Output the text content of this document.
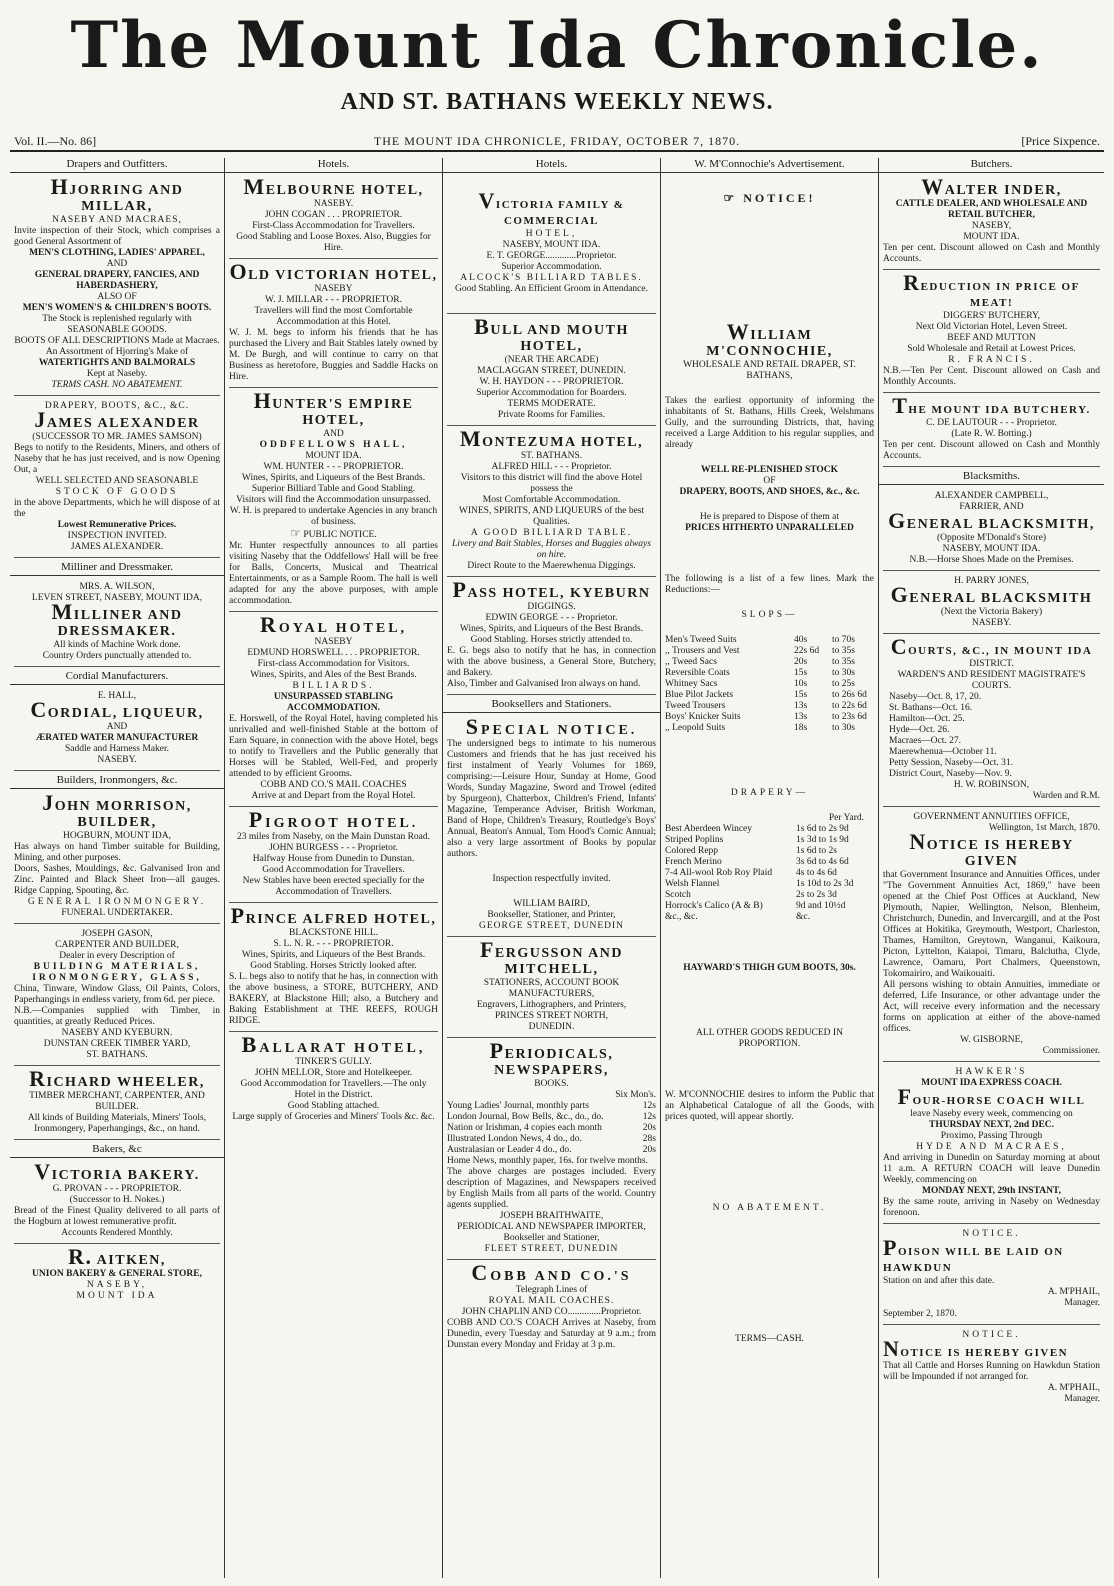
The Mount Ida Chronicle.
AND ST. BATHANS WEEKLY NEWS.
Vol. II.—No. 86]	THE MOUNT IDA CHRONICLE, FRIDAY, OCTOBER 7, 1870.	[Price Sixpence.
Drapers and Outfitters.
HJORRING AND MILLAR,
NASEBY AND MACRAES,
Invite inspection of their Stock, which comprises a good General Assortment of
MEN'S CLOTHING, LADIES' APPAREL,
AND
GENERAL DRAPERY, FANCIES, AND HABERDASHERY,
ALSO OF
MEN'S WOMEN'S & CHILDREN'S BOOTS.
The Stock is replenished regularly with SEASONABLE GOODS.
BOOTS OF ALL DESCRIPTIONS Made at Macraes.
An Assortment of Hjorring's Make of
WATERTIGHTS AND BALMORALS
Kept at Naseby.
TERMS CASH. NO ABATEMENT.
DRAPERY, BOOTS, &C., &C.
JAMES ALEXANDER
(SUCCESSOR TO MR. JAMES SAMSON)
Begs to notify to the Residents, Miners, and others of Naseby that he has just received, and is now Opening Out, a
WELL SELECTED AND SEASONABLE
STOCK OF GOODS
in the above Departments, which he will dispose of at the
Lowest Remunerative Prices.
INSPECTION INVITED.
JAMES ALEXANDER.
Milliner and Dressmaker.
MRS. A. WILSON,
LEVEN STREET, NASEBY, MOUNT IDA,
MILLINER AND DRESSMAKER.
All kinds of Machine Work done.
Country Orders punctually attended to.
Cordial Manufacturers.
E. HALL,
CORDIAL, LIQUEUR,
AND
ÆRATED WATER MANUFACTURER
Saddle and Harness Maker.
NASEBY.
Builders, Ironmongers, &c.
JOHN MORRISON, BUILDER,
HOGBURN, MOUNT IDA,
Has always on hand Timber suitable for Building, Mining, and other purposes.
Doors, Sashes, Mouldings, &c. Galvanised Iron and Zinc. Painted and Black Sheet Iron—all gauges. Ridge Capping, Spouting, &c.
GENERAL IRONMONGERY.
FUNERAL UNDERTAKER.
JOSEPH GASON,
CARPENTER AND BUILDER,
Dealer in every Description of
BUILDING MATERIALS,
IRONMONGERY, GLASS,
China, Tinware, Window Glass, Oil Paints, Colors, Paperhangings in endless variety, from 6d. per piece.
N.B.—Companies supplied with Timber, in quantities, at greatly Reduced Prices.
NASEBY AND KYEBURN.
DUNSTAN CREEK TIMBER YARD,
ST. BATHANS.
RICHARD WHEELER,
TIMBER MERCHANT, CARPENTER, AND BUILDER.
All kinds of Building Materials, Miners' Tools, Ironmongery, Paperhangings, &c., on hand.
Bakers, &c
VICTORIA BAKERY.
G. PROVAN - - - PROPRIETOR.
(Successor to H. Nokes.)
Bread of the Finest Quality delivered to all parts of the Hogburn at lowest remunerative profit.
Accounts Rendered Monthly.
R. AITKEN,
UNION BAKERY & GENERAL STORE,
NASEBY,
MOUNT IDA
Hotels.
MELBOURNE HOTEL,
NASEBY.
JOHN COGAN . . . PROPRIETOR.
First-Class Accommodation for Travellers.
Good Stabling and Loose Boxes. Also, Buggies for Hire.
OLD VICTORIAN HOTEL,
NASEBY
W. J. MILLAR - - - PROPRIETOR.
Travellers will find the most Comfortable Accommodation at this Hotel.
W. J. M. begs to inform his friends that he has purchased the Livery and Bait Stables lately owned by M. De Burgh, and will continue to carry on that Business as heretofore, Buggies and Saddle Hacks on Hire.
HUNTER'S EMPIRE HOTEL,
AND
ODDFELLOWS HALL,
MOUNT IDA.
WM. HUNTER - - - PROPRIETOR.
Wines, Spirits, and Liqueurs of the Best Brands.
Superior Billiard Table and Good Stabling.
Visitors will find the Accommodation unsurpassed.
W. H. is prepared to undertake Agencies in any branch of business.
☞ PUBLIC NOTICE.
Mr. Hunter respectfully announces to all parties visiting Naseby that the Oddfellows' Hall will be free for Balls, Concerts, Musical and Theatrical Entertainments, or as a Sample Room. The hall is well adapted for any the above purposes, with ample accommodation.
ROYAL HOTEL,
NASEBY
EDMUND HORSWELL . . . PROPRIETOR.
First-class Accommodation for Visitors.
Wines, Spirits, and Ales of the Best Brands.
BILLIARDS.
UNSURPASSED STABLING ACCOMMODATION.
E. Horswell, of the Royal Hotel, having completed his unrivalled and well-finished Stable at the bottom of Earn Square, in connection with the above Hotel, begs to notify to Travellers and the Public generally that Horses will be Stabled, Well-Fed, and properly attended to by efficient Grooms.
COBB AND CO.'S MAIL COACHES
Arrive at and Depart from the Royal Hotel.
PIGROOT HOTEL.
23 miles from Naseby, on the Main Dunstan Road.
JOHN BURGESS - - - Proprietor.
Halfway House from Dunedin to Dunstan.
Good Accommodation for Travellers.
New Stables have been erected specially for the Accommodation of Travellers.
PRINCE ALFRED HOTEL,
BLACKSTONE HILL.
S. L. N. R. - - - PROPRIETOR.
Wines, Spirits, and Liqueurs of the Best Brands.
Good Stabling. Horses Strictly looked after.
S. L. begs also to notify that he has, in connection with the above business, a STORE, BUTCHERY, AND BAKERY, at Blackstone Hill; also, a Butchery and Baking Establishment at THE REEFS, ROUGH RIDGE.
BALLARAT HOTEL,
TINKER'S GULLY.
JOHN MELLOR, Store and Hotelkeeper.
Good Accommodation for Travellers.—The only Hotel in the District.
Good Stabling attached.
Large supply of Groceries and Miners' Tools &c. &c.
Hotels.
VICTORIA FAMILY & COMMERCIAL
HOTEL,
NASEBY, MOUNT IDA.
E. T. GEORGE.............Proprietor.
Superior Accommodation.
ALCOCK'S BILLIARD TABLES.
Good Stabling. An Efficient Groom in Attendance.
BULL AND MOUTH HOTEL,
(NEAR THE ARCADE)
MACLAGGAN STREET, DUNEDIN.
W. H. HAYDON - - - PROPRIETOR.
Superior Accommodation for Boarders.
TERMS MODERATE.
Private Rooms for Families.
MONTEZUMA HOTEL,
ST. BATHANS.
ALFRED HILL - - - Proprietor.
Visitors to this district will find the above Hotel possess the
Most Comfortable Accommodation.
WINES, SPIRITS, AND LIQUEURS of the best Qualities.
A GOOD BILLIARD TABLE.
Livery and Bait Stables, Horses and Buggies always on hire.
Direct Route to the Maerewhenua Diggings.
PASS HOTEL, KYEBURN
DIGGINGS.
EDWIN GEORGE - - - Proprietor.
Wines, Spirits, and Liqueurs of the Best Brands.
Good Stabling. Horses strictly attended to.
E. G. begs also to notify that he has, in connection with the above business, a General Store, Butchery, and Bakery.
Also, Timber and Galvanised Iron always on hand.
Booksellers and Stationers.
SPECIAL NOTICE.
The undersigned begs to intimate to his numerous Customers and friends that he has just received his first instalment of Yearly Volumes for 1869, comprising:—Leisure Hour, Sunday at Home, Good Words, Sunday Magazine, Sword and Trowel (edited by Spurgeon), Chatterbox, Children's Friend, Infants' Magazine, Temperance Adviser, British Workman, Band of Hope, Children's Treasury, Routledge's Boys' Annual, Beaton's Annual, Tom Hood's Comic Annual; also a very large assortment of Books by popular authors.
Inspection respectfully invited.
WILLIAM BAIRD,
Bookseller, Stationer, and Printer,
GEORGE STREET, DUNEDIN
FERGUSSON AND MITCHELL,
STATIONERS, ACCOUNT BOOK MANUFACTURERS,
Engravers, Lithographers, and Printers,
PRINCES STREET NORTH,
DUNEDIN.
PERIODICALS, NEWSPAPERS,
BOOKS.
Six Mon's.
Young Ladies' Journal, monthly parts	12s
London Journal, Bow Bells, &c., do., do.	12s
Nation or Irishman, 4 copies each month	20s
Illustrated London News, 4 do., do.	28s
Australasian or Leader 4 do., do.	20s
Home News, monthly paper, 16s. for twelve months.
The above charges are postages included. Every description of Magazines, and Newspapers received by English Mails from all parts of the world. Country agents supplied.
JOSEPH BRAITHWAITE,
PERIODICAL AND NEWSPAPER IMPORTER,
Bookseller and Stationer,
FLEET STREET, DUNEDIN
COBB AND CO.'S
Telegraph Lines of
ROYAL MAIL COACHES.
JOHN CHAPLIN AND CO..............Proprietor.
COBB AND CO.'S COACH Arrives at Naseby, from Dunedin, every Tuesday and Saturday at 9 a.m.; from Dunstan every Monday and Friday at 3 p.m.
W. M'Connochie's Advertisement.
☞ NOTICE!
WILLIAM M'CONNOCHIE,
WHOLESALE AND RETAIL DRAPER, ST. BATHANS,
Takes the earliest opportunity of informing the inhabitants of St. Bathans, Hills Creek, Welshmans Gully, and the surrounding Districts, that, having received a Large Addition to his regular supplies, and already
WELL RE-PLENISHED STOCK
OF
DRAPERY, BOOTS, AND SHOES, &c., &c.
He is prepared to Dispose of them at
PRICES HITHERTO UNPARALLELED
The following is a list of a few lines. Mark the Reductions:—
SLOPS—
Men's Tweed Suits	40s	to 70s
,, Trousers and Vest	22s 6d	to 35s
,, Tweed Sacs	20s	to 35s
Reversible Coats	15s	to 30s
Whitney Sacs	10s	to 25s
Blue Pilot Jackets	15s	to 26s 6d
Tweed Trousers	13s	to 22s 6d
Boys' Knicker Suits	13s	to 23s 6d
,, Leopold Suits	18s	to 30s
DRAPERY—
Per Yard.
Best Aberdeen Wincey	1s 6d to 2s 9d
Striped Poplins	1s 3d to 1s 9d
Colored Repp	1s 6d to 2s
French Merino	3s 6d to 4s 6d
7-4 All-wool Rob Roy Plaid	4s to 4s 6d
Welsh Flannel	1s 10d to 2s 3d
Scotch	2s to 2s 3d
Horrock's Calico (A & B)	9d and 10½d
&c., &c.	&c.
HAYWARD'S THIGH GUM BOOTS, 30s.
ALL OTHER GOODS REDUCED IN PROPORTION.
W. M'CONNOCHIE desires to inform the Public that an Alphabetical Catalogue of all the Goods, with prices quoted, will appear shortly.
NO ABATEMENT.
TERMS—CASH.
Butchers.
WALTER INDER,
CATTLE DEALER, AND WHOLESALE AND RETAIL BUTCHER,
NASEBY,
MOUNT IDA.
Ten per cent. Discount allowed on Cash and Monthly Accounts.
REDUCTION IN PRICE OF MEAT!
DIGGERS' BUTCHERY,
Next Old Victorian Hotel, Leven Street.
BEEF AND MUTTON
Sold Wholesale and Retail at Lowest Prices.
R. FRANCIS.
N.B.—Ten Per Cent. Discount allowed on Cash and Monthly Accounts.
THE MOUNT IDA BUTCHERY.
C. DE LAUTOUR - - - Proprietor.
(Late R. W. Botting.)
Ten per cent. Discount allowed on Cash and Monthly Accounts.
Blacksmiths.
ALEXANDER CAMPBELL,
FARRIER, AND
GENERAL BLACKSMITH,
(Opposite M'Donald's Store)
NASEBY, MOUNT IDA.
N.B.—Horse Shoes Made on the Premises.
H. PARRY JONES,
GENERAL BLACKSMITH
(Next the Victoria Bakery)
NASEBY.
COURTS, &C., IN MOUNT IDA
DISTRICT.
WARDEN'S AND RESIDENT MAGISTRATE'S COURTS.
Naseby—Oct. 8, 17, 20.
St. Bathans—Oct. 16.
Hamilton—Oct. 25.
Hyde—Oct. 26.
Macraes—Oct. 27.
Maerewhenua—October 11.
Petty Session, Naseby—Oct. 31.
District Court, Naseby—Nov. 9.
H. W. ROBINSON,
Warden and R.M.
GOVERNMENT ANNUITIES OFFICE,
Wellington, 1st March, 1870.
NOTICE IS HEREBY GIVEN
that Government Insurance and Annuities Offices, under "The Government Annuities Act, 1869," have been opened at the Chief Post Offices at Auckland, New Plymouth, Napier, Wellington, Nelson, Blenheim, Christchurch, Dunedin, and Invercargill, and at the Post Offices at Hokitika, Greymouth, Westport, Charleston, Thames, Hamilton, Greytown, Wanganui, Kaikoura, Picton, Lyttelton, Kaiapoi, Timaru, Balclutha, Clyde, Lawrence, Oamaru, Port Chalmers, Queenstown, Tokomairiro, and Waikouaiti.
All persons wishing to obtain Annuities, immediate or deferred, Life Insurance, or other advantage under the Act, will receive every information and the necessary forms on application at either of the above-named offices.
W. GISBORNE,
Commissioner.
HAWKER'S
MOUNT IDA EXPRESS COACH.
FOUR-HORSE COACH WILL
leave Naseby every week, commencing on
THURSDAY NEXT, 2nd DEC.
Proximo, Passing Through
HYDE AND MACRAES,
And arriving in Dunedin on Saturday morning at about 11 a.m. A RETURN COACH will leave Dunedin Weekly, commencing on
MONDAY NEXT, 29th INSTANT,
By the same route, arriving in Naseby on Wednesday forenoon.
NOTICE.
POISON WILL BE LAID ON HAWKDUN
Station on and after this date.
A. M'PHAIL,
Manager.
September 2, 1870.
NOTICE.
NOTICE IS HEREBY GIVEN
That all Cattle and Horses Running on Hawkdun Station will be Impounded if not arranged for.
A. M'PHAIL,
Manager.
